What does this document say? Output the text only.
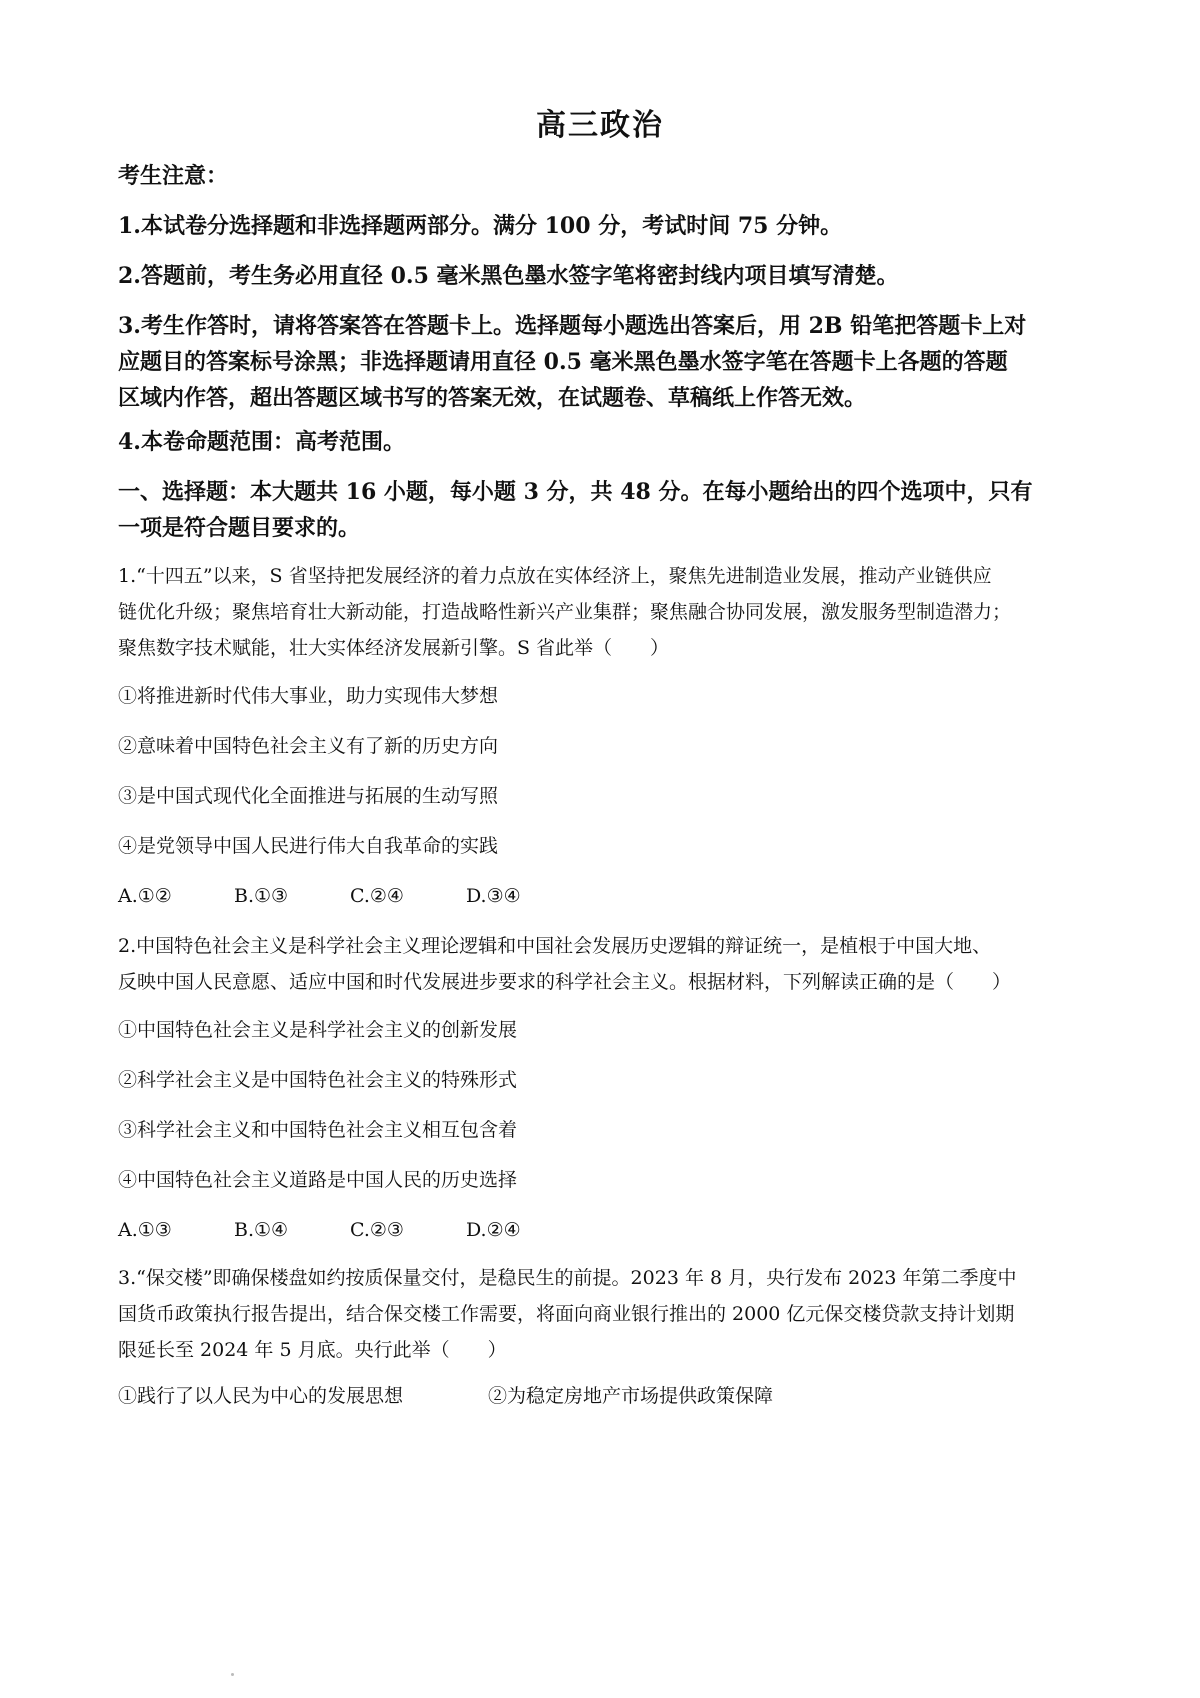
高三政治
考生注意：
1.本试卷分选择题和非选择题两部分。满分 100 分，考试时间 75 分钟。
2.答题前，考生务必用直径 0.5 毫米黑色墨水签字笔将密封线内项目填写清楚。
3.考生作答时，请将答案答在答题卡上。选择题每小题选出答案后，用 2B 铅笔把答题卡上对
应题目的答案标号涂黑；非选择题请用直径 0.5 毫米黑色墨水签字笔在答题卡上各题的答题
区域内作答，超出答题区域书写的答案无效，在试题卷、草稿纸上作答无效。
4.本卷命题范围：高考范围。
一、选择题：本大题共 16 小题，每小题 3 分，共 48 分。在每小题给出的四个选项中，只有
一项是符合题目要求的。
1.“十四五”以来，S 省坚持把发展经济的着力点放在实体经济上，聚焦先进制造业发展，推动产业链供应
链优化升级；聚焦培育壮大新动能，打造战略性新兴产业集群；聚焦融合协同发展，激发服务型制造潜力；
聚焦数字技术赋能，壮大实体经济发展新引擎。S 省此举（　　）
①将推进新时代伟大事业，助力实现伟大梦想
②意味着中国特色社会主义有了新的历史方向
③是中国式现代化全面推进与拓展的生动写照
④是党领导中国人民进行伟大自我革命的实践
A.①②	B.①③	C.②④	D.③④
2.中国特色社会主义是科学社会主义理论逻辑和中国社会发展历史逻辑的辩证统一，是植根于中国大地、
反映中国人民意愿、适应中国和时代发展进步要求的科学社会主义。根据材料，下列解读正确的是（　　）
①中国特色社会主义是科学社会主义的创新发展
②科学社会主义是中国特色社会主义的特殊形式
③科学社会主义和中国特色社会主义相互包含着
④中国特色社会主义道路是中国人民的历史选择
A.①③	B.①④	C.②③	D.②④
3.“保交楼”即确保楼盘如约按质保量交付，是稳民生的前提。2023 年 8 月，央行发布 2023 年第二季度中
国货币政策执行报告提出，结合保交楼工作需要，将面向商业银行推出的 2000 亿元保交楼贷款支持计划期
限延长至 2024 年 5 月底。央行此举（　　）
①践行了以人民为中心的发展思想	②为稳定房地产市场提供政策保障
